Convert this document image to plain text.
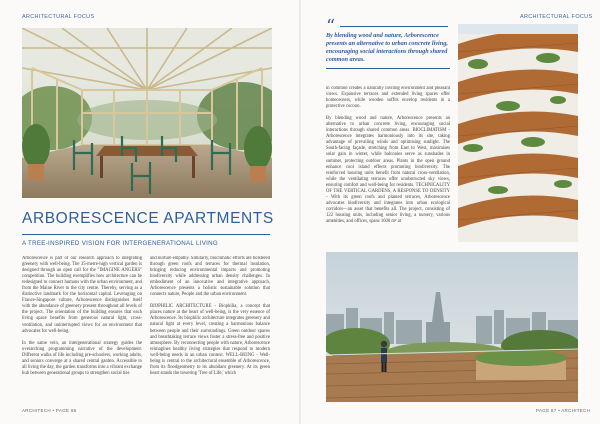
ARCHITECTURAL FOCUS
ARBORESCENCE APARTMENTS
A TREE-INSPIRED VISION FOR INTERGENERATIONAL LIVING

Arborescence is part of our research approach to integrating greenery with well-being. The 35-metre-high vertical garden is designed through an open call for the "IMAGINE ANGERS" competition. The building exemplifies how architecture can be redesigned to connect humans with the urban environment, and from the Maine River to the city centre. Thereby, serving as a distinctive landmark for the horizontal capital. Leveraging on France-Singapore culture, Arborescence distinguishes itself with the abundance of greenery present throughout all levels of the project. The orientation of the building ensures that each living space benefits from generous natural light, cross-ventilation, and uninterrupted views for an environment that advocates for well-being.

In the same vein, an intergenerational strategy guides the overarching programming narrative of the development. Different walks of life including pre-schoolers, working adults, and seniors converge at a shared central garden. Accessible to all living the day, the garden transforms into a vibrant exchange hub between generational groups to strengthen social ties

and nurture empathy. Similarly, bioclimatic efforts are bolstered through green roofs and terraces for thermal insulation, bringing reducing environmental impacts and promoting biodiversity while addressing urban density challenges. In embodiment of an innovative and integrative approach, Arborescence presents a holistic sustainable solution that connects nature, People and the urban environment.

BIOPHILIC ARCHITECTURE - Biophilia, a concept that places nature at the heart of well-being, is the very essence of Arborescence. Its biophilic architecture integrates greenery and natural light at every level, creating a harmonious balance between people and their surroundings. Green outdoor spaces and breathtaking terrace views foster a stress-free and positive atmosphere. By reconnecting people with nature, Arborescence reimagines healthy living strategies that respond to modern well-being needs in an urban context. WELL-BEING - Well-being is central to the architectural ensemble of Arborescence, from its floodgeometry to its abundant greenery. At its green heart stands the towering 'Tree of Life,' which

ARCHITECH • PAGE 86
ARCHITECTURAL FOCUS
“
By blending wood and nature, Arborescence presents an alternative to urban concrete living, encouraging social interactions through shared common areas.

in common creates a naturally inviting environment and pleasant views. Expansive terraces and extended living spaces offer homeowners, while wooden soffits envelop residents in a protective cocoon.

By blending wood and nature, Arborescence presents an alternative to urban concrete living, encouraging social interactions through shared common areas. BIOCLIMATISM - Arborescence integrates harmoniously into its site, taking advantage of prevailing winds and optimising sunlight. The South-facing façade, stretching from East to West, maximises solar gain in winter, while balconies serve as sunshades in summer, protecting outdoor areas. Plants in the open ground enhance cool island effects promoting biodiversity. The reinforced housing units benefit from natural cross-ventilation, while the ventilating terraces offer unobstructed sky views, ensuring comfort and well-being for residents. TECHNICALITY OF THE VERTICAL GARDENS, A RESPONSE TO DENSITY - With its green roofs and planted terraces, Arborescence advocates biodiversity and integrates into urban ecological corridors—an asset that benefits all. The project, consisting of 122 housing units, including senior living, a nursery, various amenities, and offices, spans 1600 m² at

PAGE 87 • ARCHITECH
